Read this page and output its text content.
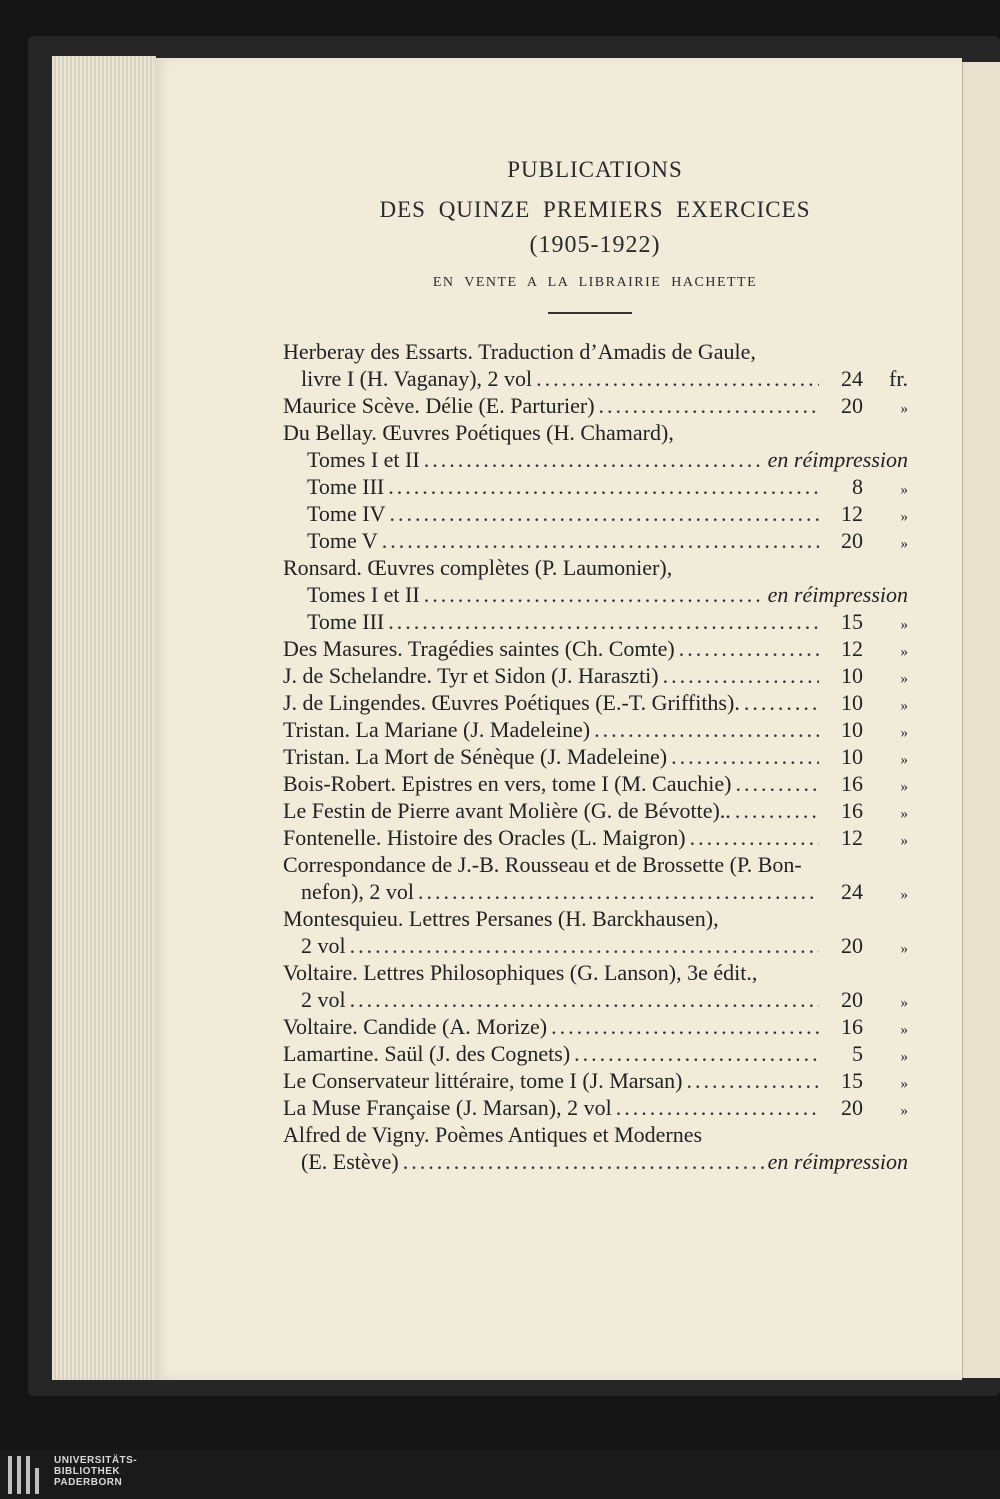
PUBLICATIONS
DES QUINZE PREMIERS EXERCICES
(1905-1922)
EN VENTE A LA LIBRAIRIE HACHETTE
Herberay des Essarts. Traduction d’Amadis de Gaule,
livre I (H. Vaganay), 2 vol .....	24	fr.
Maurice Scève. Délie (E. Parturier) .....	20	»
Du Bellay. Œuvres Poétiques (H. Chamard),
Tomes I et II .....	en réimpression
Tome III .....	8	»
Tome IV .....	12	»
Tome V .....	20	»
Ronsard. Œuvres complètes (P. Laumonier),
Tomes I et II .....	en réimpression
Tome III .....	15	»
Des Masures. Tragédies saintes (Ch. Comte) .....	12	»
J. de Schelandre. Tyr et Sidon (J. Haraszti) .....	10	»
J. de Lingendes. Œuvres Poétiques (E.-T. Griffiths). .....	10	»
Tristan. La Mariane (J. Madeleine) .....	10	»
Tristan. La Mort de Sénèque (J. Madeleine) .....	10	»
Bois-Robert. Epistres en vers, tome I (M. Cauchie) .....	16	»
Le Festin de Pierre avant Molière (G. de Bévotte).. .....	16	»
Fontenelle. Histoire des Oracles (L. Maigron) .....	12	»
Correspondance de J.-B. Rousseau et de Brossette (P. Bon-
nefon), 2 vol .....	24	»
Montesquieu. Lettres Persanes (H. Barckhausen),
2 vol .....	20	»
Voltaire. Lettres Philosophiques (G. Lanson), 3e édit.,
2 vol .....	20	»
Voltaire. Candide (A. Morize) .....	16	»
Lamartine. Saül (J. des Cognets) .....	5	»
Le Conservateur littéraire, tome I (J. Marsan) .....	15	»
La Muse Française (J. Marsan), 2 vol .....	20	»
Alfred de Vigny. Poèmes Antiques et Modernes
(E. Estève) .....	en réimpression
UNIVERSITÄTS-
BIBLIOTHEK
PADERBORN
